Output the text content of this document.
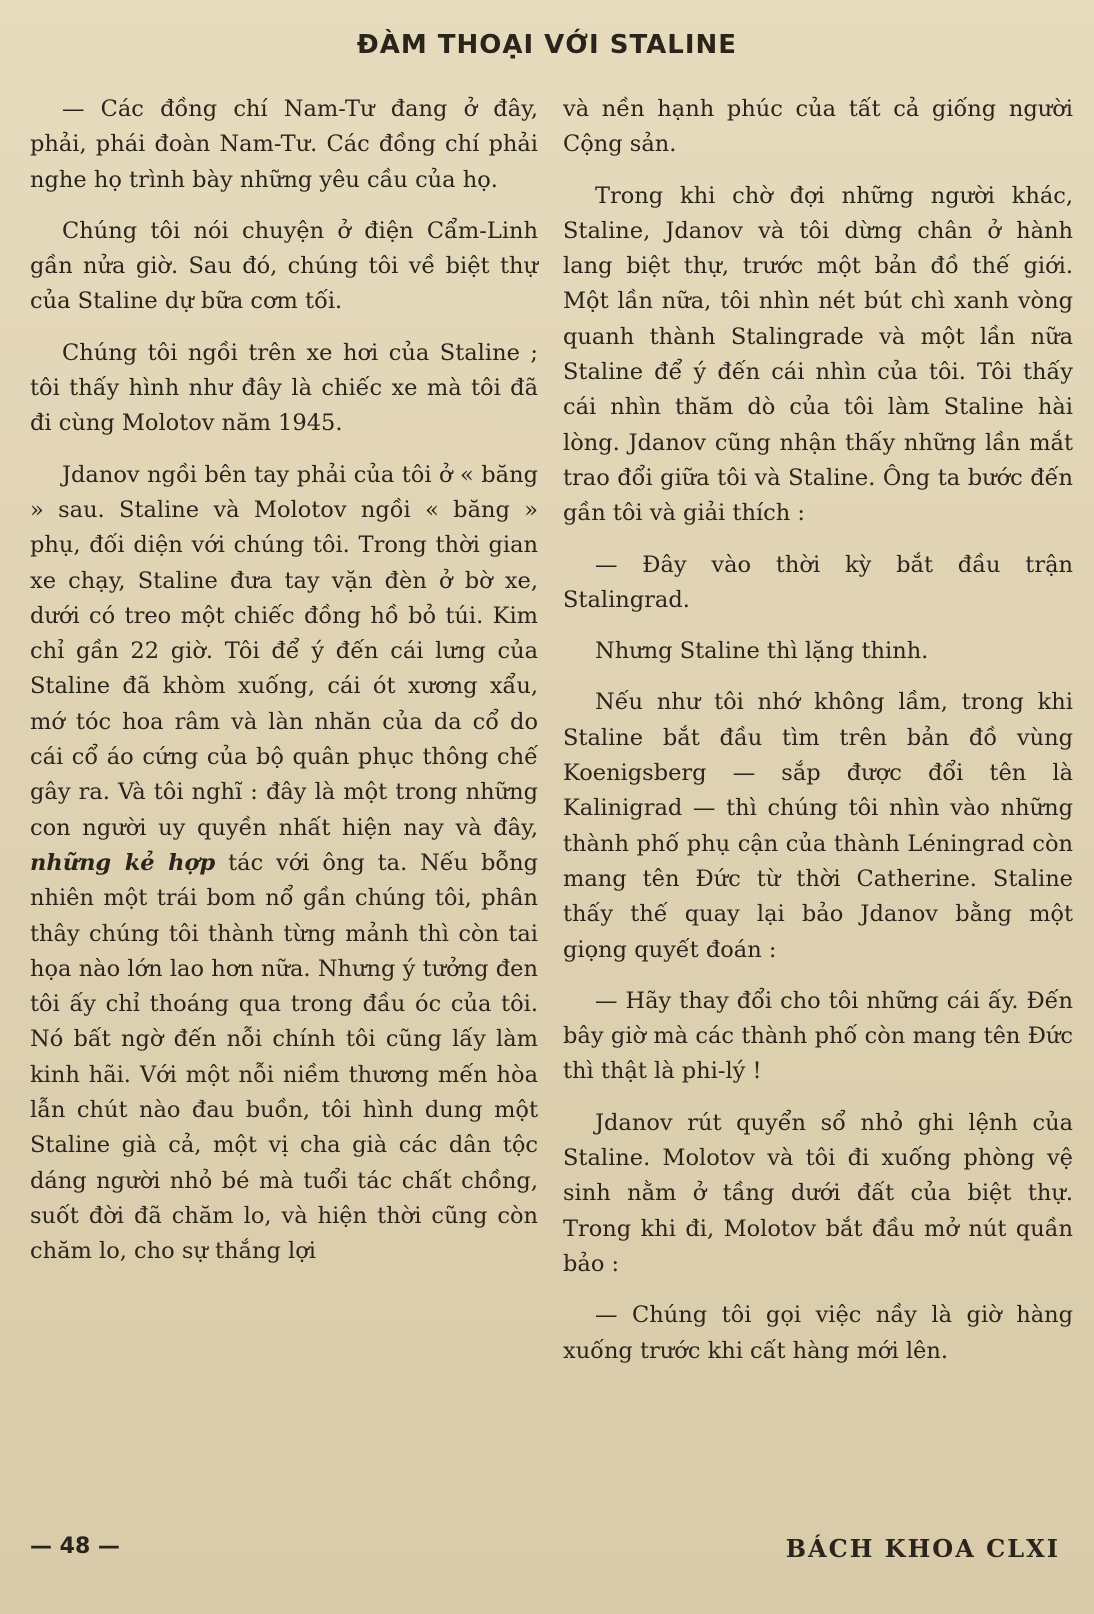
ĐÀM THOẠI VỚI STALINE

— Các đồng chí Nam-Tư đang ở đây, phải, phái đoàn Nam-Tư. Các đồng chí phải nghe họ trình bày những yêu cầu của họ.

Chúng tôi nói chuyện ở điện Cẩm-Linh gần nửa giờ. Sau đó, chúng tôi về biệt thự của Staline dự bữa cơm tối.

Chúng tôi ngồi trên xe hơi của Staline ; tôi thấy hình như đây là chiếc xe mà tôi đã đi cùng Molotov năm 1945.

Jdanov ngồi bên tay phải của tôi ở « băng » sau. Staline và Molotov ngồi « băng » phụ, đối diện với chúng tôi. Trong thời gian xe chạy, Staline đưa tay vặn đèn ở bờ xe, dưới có treo một chiếc đồng hồ bỏ túi. Kim chỉ gần 22 giờ. Tôi để ý đến cái lưng của Staline đã khòm xuống, cái ót xương xẩu, mớ tóc hoa râm và làn nhăn của da cổ do cái cổ áo cứng của bộ quân phục thông chế gây ra. Và tôi nghĩ : đây là một trong những con người uy quyền nhất hiện nay và đây, những kẻ hợp tác với ông ta. Nếu bỗng nhiên một trái bom nổ gần chúng tôi, phân thây chúng tôi thành từng mảnh thì còn tai họa nào lớn lao hơn nữa. Nhưng ý tưởng đen tôi ấy chỉ thoáng qua trong đầu óc của tôi. Nó bất ngờ đến nỗi chính tôi cũng lấy làm kinh hãi. Với một nỗi niềm thương mến hòa lẫn chút nào đau buồn, tôi hình dung một Staline già cả, một vị cha già các dân tộc dáng người nhỏ bé mà tuổi tác chất chồng, suốt đời đã chăm lo, và hiện thời cũng còn chăm lo, cho sự thắng lợi

và nền hạnh phúc của tất cả giống người Cộng sản.

Trong khi chờ đợi những người khác, Staline, Jdanov và tôi dừng chân ở hành lang biệt thự, trước một bản đồ thế giới. Một lần nữa, tôi nhìn nét bút chì xanh vòng quanh thành Stalingrade và một lần nữa Staline để ý đến cái nhìn của tôi. Tôi thấy cái nhìn thăm dò của tôi làm Staline hài lòng. Jdanov cũng nhận thấy những lần mắt trao đổi giữa tôi và Staline. Ông ta bước đến gần tôi và giải thích :

— Đây vào thời kỳ bắt đầu trận Stalingrad.

Nhưng Staline thì lặng thinh.

Nếu như tôi nhớ không lầm, trong khi Staline bắt đầu tìm trên bản đồ vùng Koenigsberg — sắp được đổi tên là Kalinigrad — thì chúng tôi nhìn vào những thành phố phụ cận của thành Léningrad còn mang tên Đức từ thời Catherine. Staline thấy thế quay lại bảo Jdanov bằng một giọng quyết đoán :

— Hãy thay đổi cho tôi những cái ấy. Đến bây giờ mà các thành phố còn mang tên Đức thì thật là phi-lý !

Jdanov rút quyển sổ nhỏ ghi lệnh của Staline. Molotov và tôi đi xuống phòng vệ sinh nằm ở tầng dưới đất của biệt thự. Trong khi đi, Molotov bắt đầu mở nút quần bảo :

— Chúng tôi gọi việc nầy là giờ hàng xuống trước khi cất hàng mới lên.

— 48 —	BÁCH KHOA CLXI
